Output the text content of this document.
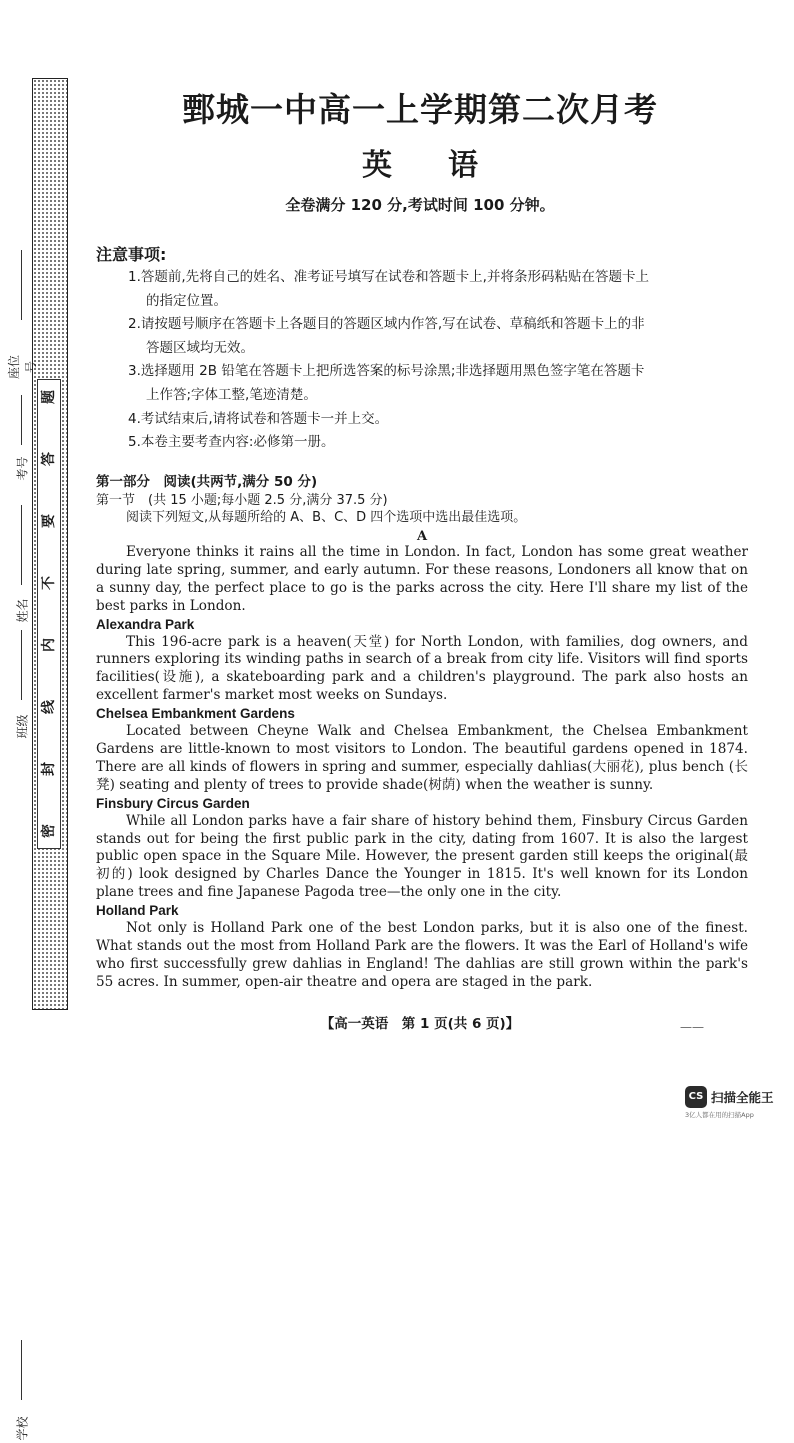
密
封
线
内
不
要
答
题
学校
班级
姓名
考号
座位号
鄄城一中高一上学期第二次月考
英语
全卷满分 120 分,考试时间 100 分钟。
注意事项:
1.答题前,先将自己的姓名、准考证号填写在试卷和答题卡上,并将条形码粘贴在答题卡上
的指定位置。
2.请按题号顺序在答题卡上各题目的答题区域内作答,写在试卷、草稿纸和答题卡上的非
答题区域均无效。
3.选择题用 2B 铅笔在答题卡上把所选答案的标号涂黑;非选择题用黑色签字笔在答题卡
上作答;字体工整,笔迹清楚。
4.考试结束后,请将试卷和答题卡一并上交。
5.本卷主要考查内容:必修第一册。
第一部分　阅读(共两节,满分 50 分)
第一节　(共 15 小题;每小题 2.5 分,满分 37.5 分)
阅读下列短文,从每题所给的 A、B、C、D 四个选项中选出最佳选项。
A

Everyone thinks it rains all the time in London. In fact, London has some great weather during late spring, summer, and early autumn. For these reasons, Londoners all know that on a sunny day, the perfect place to go is the parks across the city. Here I'll share my list of the best parks in London.

Alexandra Park

This 196-acre park is a heaven(天堂) for North London, with families, dog owners, and runners exploring its winding paths in search of a break from city life. Visitors will find sports facilities(设施), a skateboarding park and a children's playground. The park also hosts an excellent farmer's market most weeks on Sundays.

Chelsea Embankment Gardens

Located between Cheyne Walk and Chelsea Embankment, the Chelsea Embankment Gardens are little-known to most visitors to London. The beautiful gardens opened in 1874. There are all kinds of flowers in spring and summer, especially dahlias(大丽花), plus bench (长凳) seating and plenty of trees to provide shade(树荫) when the weather is sunny.

Finsbury Circus Garden

While all London parks have a fair share of history behind them, Finsbury Circus Garden stands out for being the first public park in the city, dating from 1607. It is also the largest public open space in the Square Mile. However, the present garden still keeps the original(最初的) look designed by Charles Dance the Younger in 1815. It's well known for its London plane trees and fine Japanese Pagoda tree—the only one in the city.

Holland Park

Not only is Holland Park one of the best London parks, but it is also one of the finest. What stands out the most from Holland Park are the flowers. It was the Earl of Holland's wife who first successfully grew dahlias in England! The dahlias are still grown within the park's 55 acres. In summer, open-air theatre and opera are staged in the park.

【高一英语　第 1 页(共 6 页)】	——
CS 扫描全能王
3亿人都在用的扫描App
